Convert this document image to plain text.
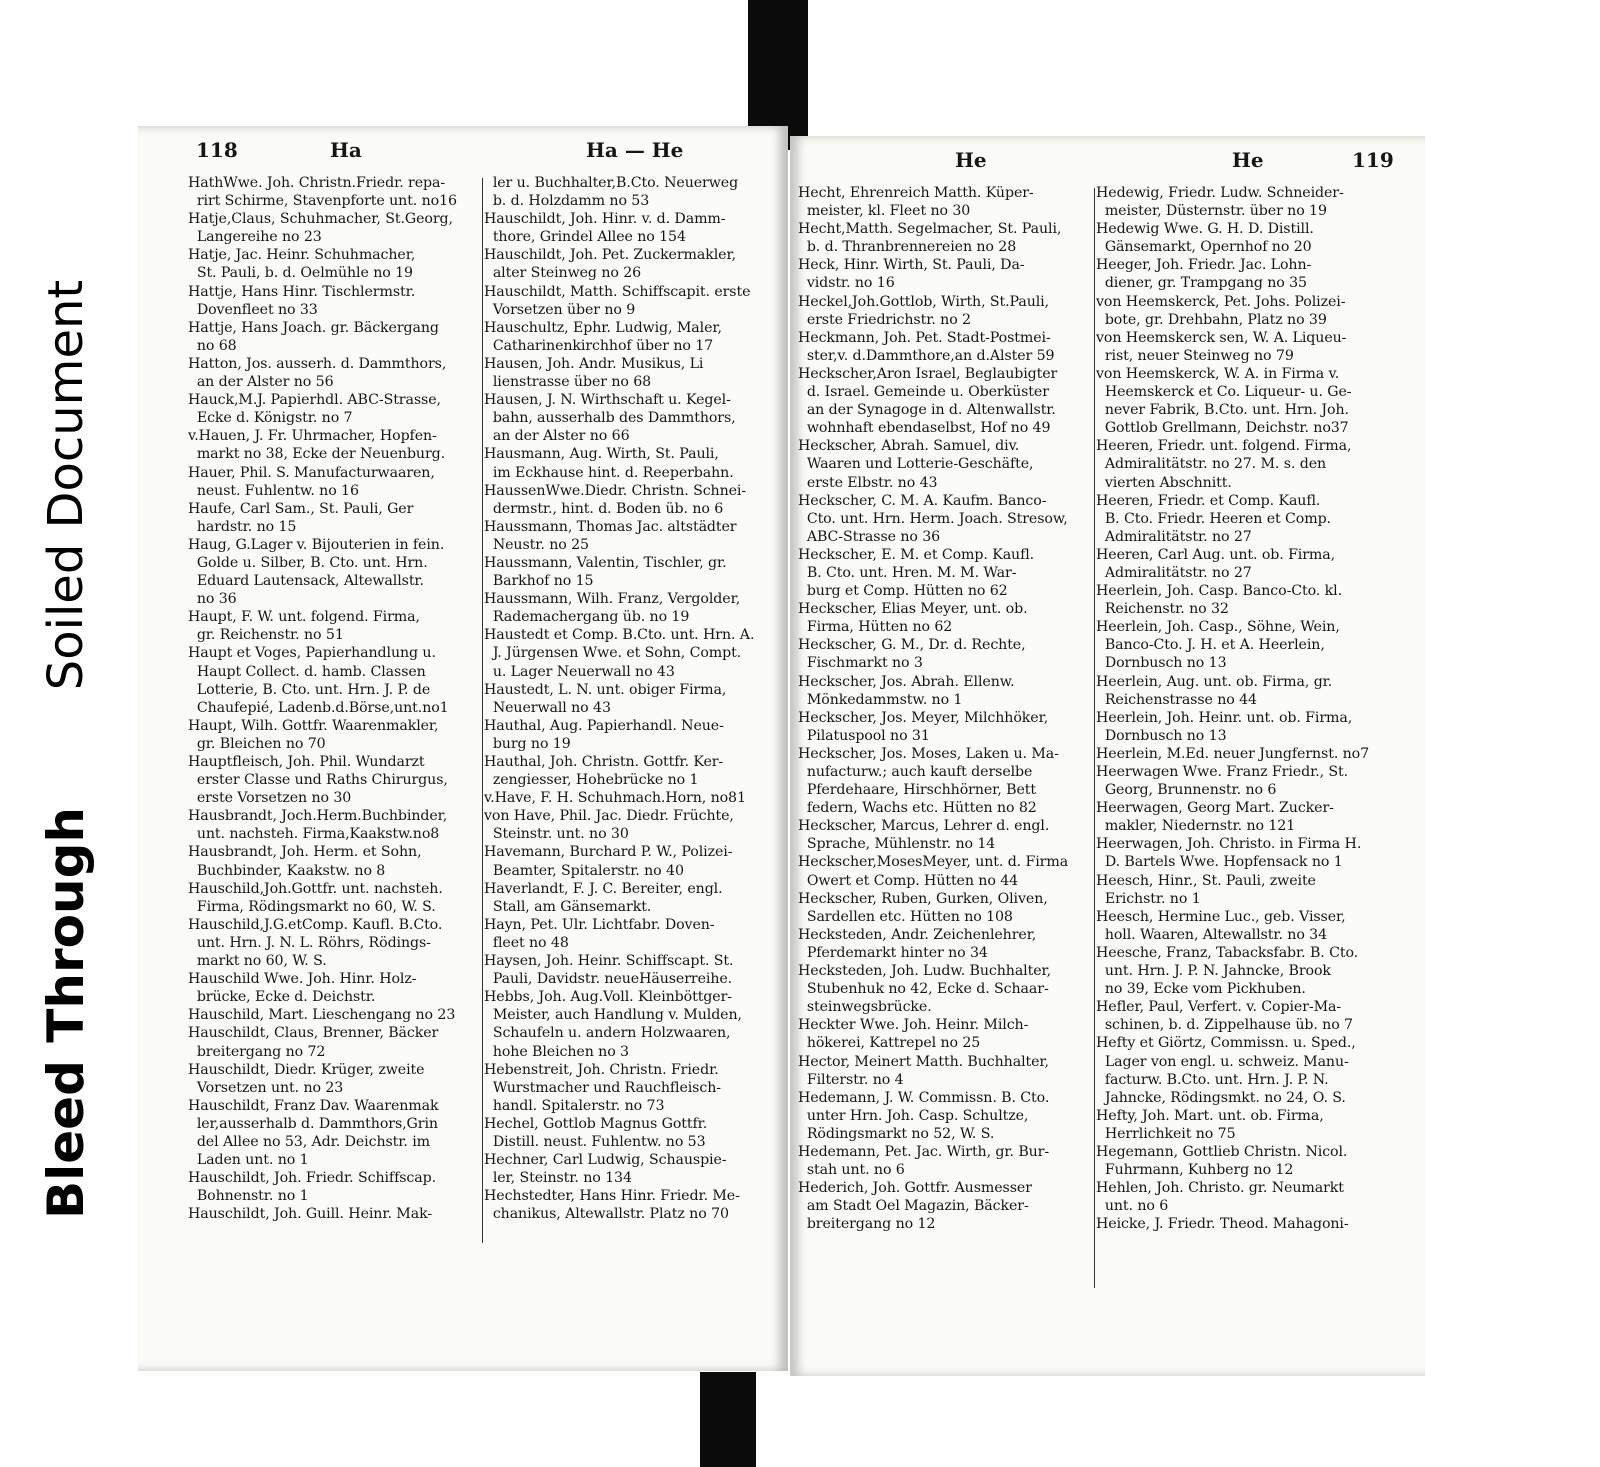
Soiled Document
Bleed Through
118	Ha	Ha — He
HathWwe. Joh. Christn.Friedr. repa-
rirt Schirme, Stavenpforte unt. no16
Hatje,Claus, Schuhmacher, St.Georg,
Langereihe no 23
Hatje, Jac. Heinr. Schuhmacher,
St. Pauli, b. d. Oelmühle no 19
Hattje, Hans Hinr. Tischlermstr.
Dovenfleet no 33
Hattje, Hans Joach. gr. Bäckergang
no 68
Hatton, Jos. ausserh. d. Dammthors,
an der Alster no 56
Hauck,M.J. Papierhdl. ABC-Strasse,
Ecke d. Königstr. no 7
v.Hauen, J. Fr. Uhrmacher, Hopfen-
markt no 38, Ecke der Neuenburg.
Hauer, Phil. S. Manufacturwaaren,
neust. Fuhlentw. no 16
Haufe, Carl Sam., St. Pauli, Ger
hardstr. no 15
Haug, G.Lager v. Bijouterien in fein.
Golde u. Silber, B. Cto. unt. Hrn.
Eduard Lautensack, Altewallstr.
no 36
Haupt, F. W. unt. folgend. Firma,
gr. Reichenstr. no 51
Haupt et Voges, Papierhandlung u.
Haupt Collect. d. hamb. Classen
Lotterie, B. Cto. unt. Hrn. J. P. de
Chaufepié, Ladenb.d.Börse,unt.no1
Haupt, Wilh. Gottfr. Waarenmakler,
gr. Bleichen no 70
Hauptfleisch, Joh. Phil. Wundarzt
erster Classe und Raths Chirurgus,
erste Vorsetzen no 30
Hausbrandt, Joch.Herm.Buchbinder,
unt. nachsteh. Firma,Kaakstw.no8
Hausbrandt, Joh. Herm. et Sohn,
Buchbinder, Kaakstw. no 8
Hauschild,Joh.Gottfr. unt. nachsteh.
Firma, Rödingsmarkt no 60, W. S.
Hauschild,J.G.etComp. Kaufl. B.Cto.
unt. Hrn. J. N. L. Röhrs, Rödings-
markt no 60, W. S.
Hauschild Wwe. Joh. Hinr. Holz-
brücke, Ecke d. Deichstr.
Hauschild, Mart. Lieschengang no 23
Hauschildt, Claus, Brenner, Bäcker
breitergang no 72
Hauschildt, Diedr. Krüger, zweite
Vorsetzen unt. no 23
Hauschildt, Franz Dav. Waarenmak
ler,ausserhalb d. Dammthors,Grin
del Allee no 53, Adr. Deichstr. im
Laden unt. no 1
Hauschildt, Joh. Friedr. Schiffscap.
Bohnenstr. no 1
Hauschildt, Joh. Guill. Heinr. Mak-
ler u. Buchhalter,B.Cto. Neuerweg
b. d. Holzdamm no 53
Hauschildt, Joh. Hinr. v. d. Damm-
thore, Grindel Allee no 154
Hauschildt, Joh. Pet. Zuckermakler,
alter Steinweg no 26
Hauschildt, Matth. Schiffscapit. erste
Vorsetzen über no 9
Hauschultz, Ephr. Ludwig, Maler,
Catharinenkirchhof über no 17
Hausen, Joh. Andr. Musikus, Li
lienstrasse über no 68
Hausen, J. N. Wirthschaft u. Kegel-
bahn, ausserhalb des Dammthors,
an der Alster no 66
Hausmann, Aug. Wirth, St. Pauli,
im Eckhause hint. d. Reeperbahn.
HaussenWwe.Diedr. Christn. Schnei-
dermstr., hint. d. Boden üb. no 6
Haussmann, Thomas Jac. altstädter
Neustr. no 25
Haussmann, Valentin, Tischler, gr.
Barkhof no 15
Haussmann, Wilh. Franz, Vergolder,
Rademachergang üb. no 19
Haustedt et Comp. B.Cto. unt. Hrn. A.
J. Jürgensen Wwe. et Sohn, Compt.
u. Lager Neuerwall no 43
Haustedt, L. N. unt. obiger Firma,
Neuerwall no 43
Hauthal, Aug. Papierhandl. Neue-
burg no 19
Hauthal, Joh. Christn. Gottfr. Ker-
zengiesser, Hohebrücke no 1
v.Have, F. H. Schuhmach.Horn, no81
von Have, Phil. Jac. Diedr. Früchte,
Steinstr. unt. no 30
Havemann, Burchard P. W., Polizei-
Beamter, Spitalerstr. no 40
Haverlandt, F. J. C. Bereiter, engl.
Stall, am Gänsemarkt.
Hayn, Pet. Ulr. Lichtfabr. Doven-
fleet no 48
Haysen, Joh. Heinr. Schiffscapt. St.
Pauli, Davidstr. neueHäuserreihe.
Hebbs, Joh. Aug.Voll. Kleinböttger-
Meister, auch Handlung v. Mulden,
Schaufeln u. andern Holzwaaren,
hohe Bleichen no 3
Hebenstreit, Joh. Christn. Friedr.
Wurstmacher und Rauchfleisch-
handl. Spitalerstr. no 73
Hechel, Gottlob Magnus Gottfr.
Distill. neust. Fuhlentw. no 53
Hechner, Carl Ludwig, Schauspie-
ler, Steinstr. no 134
Hechstedter, Hans Hinr. Friedr. Me-
chanikus, Altewallstr. Platz no 70
He	He	119
Hecht, Ehrenreich Matth. Küper-
meister, kl. Fleet no 30
Hecht,Matth. Segelmacher, St. Pauli,
b. d. Thranbrennereien no 28
Heck, Hinr. Wirth, St. Pauli, Da-
vidstr. no 16
Heckel,Joh.Gottlob, Wirth, St.Pauli,
erste Friedrichstr. no 2
Heckmann, Joh. Pet. Stadt-Postmei-
ster,v. d.Dammthore,an d.Alster 59
Heckscher,Aron Israel, Beglaubigter
d. Israel. Gemeinde u. Oberküster
an der Synagoge in d. Altenwallstr.
wohnhaft ebendaselbst, Hof no 49
Heckscher, Abrah. Samuel, div.
Waaren und Lotterie-Geschäfte,
erste Elbstr. no 43
Heckscher, C. M. A. Kaufm. Banco-
Cto. unt. Hrn. Herm. Joach. Stresow,
ABC-Strasse no 36
Heckscher, E. M. et Comp. Kaufl.
B. Cto. unt. Hren. M. M. War-
burg et Comp. Hütten no 62
Heckscher, Elias Meyer, unt. ob.
Firma, Hütten no 62
Heckscher, G. M., Dr. d. Rechte,
Fischmarkt no 3
Heckscher, Jos. Abrah. Ellenw.
Mönkedammstw. no 1
Heckscher, Jos. Meyer, Milchhöker,
Pilatuspool no 31
Heckscher, Jos. Moses, Laken u. Ma-
nufacturw.; auch kauft derselbe
Pferdehaare, Hirschhörner, Bett
federn, Wachs etc. Hütten no 82
Heckscher, Marcus, Lehrer d. engl.
Sprache, Mühlenstr. no 14
Heckscher,MosesMeyer, unt. d. Firma
Owert et Comp. Hütten no 44
Heckscher, Ruben, Gurken, Oliven,
Sardellen etc. Hütten no 108
Hecksteden, Andr. Zeichenlehrer,
Pferdemarkt hinter no 34
Hecksteden, Joh. Ludw. Buchhalter,
Stubenhuk no 42, Ecke d. Schaar-
steinwegsbrücke.
Heckter Wwe. Joh. Heinr. Milch-
hökerei, Kattrepel no 25
Hector, Meinert Matth. Buchhalter,
Filterstr. no 4
Hedemann, J. W. Commissn. B. Cto.
unter Hrn. Joh. Casp. Schultze,
Rödingsmarkt no 52, W. S.
Hedemann, Pet. Jac. Wirth, gr. Bur-
stah unt. no 6
Hederich, Joh. Gottfr. Ausmesser
am Stadt Oel Magazin, Bäcker-
breitergang no 12
Hedewig, Friedr. Ludw. Schneider-
meister, Düsternstr. über no 19
Hedewig Wwe. G. H. D. Distill.
Gänsemarkt, Opernhof no 20
Heeger, Joh. Friedr. Jac. Lohn-
diener, gr. Trampgang no 35
von Heemskerck, Pet. Johs. Polizei-
bote, gr. Drehbahn, Platz no 39
von Heemskerck sen, W. A. Liqueu-
rist, neuer Steinweg no 79
von Heemskerck, W. A. in Firma v.
Heemskerck et Co. Liqueur- u. Ge-
never Fabrik, B.Cto. unt. Hrn. Joh.
Gottlob Grellmann, Deichstr. no37
Heeren, Friedr. unt. folgend. Firma,
Admiralitätstr. no 27. M. s. den
vierten Abschnitt.
Heeren, Friedr. et Comp. Kaufl.
B. Cto. Friedr. Heeren et Comp.
Admiralitätstr. no 27
Heeren, Carl Aug. unt. ob. Firma,
Admiralitätstr. no 27
Heerlein, Joh. Casp. Banco-Cto. kl.
Reichenstr. no 32
Heerlein, Joh. Casp., Söhne, Wein,
Banco-Cto. J. H. et A. Heerlein,
Dornbusch no 13
Heerlein, Aug. unt. ob. Firma, gr.
Reichenstrasse no 44
Heerlein, Joh. Heinr. unt. ob. Firma,
Dornbusch no 13
Heerlein, M.Ed. neuer Jungfernst. no7
Heerwagen Wwe. Franz Friedr., St.
Georg, Brunnenstr. no 6
Heerwagen, Georg Mart. Zucker-
makler, Niedernstr. no 121
Heerwagen, Joh. Christo. in Firma H.
D. Bartels Wwe. Hopfensack no 1
Heesch, Hinr., St. Pauli, zweite
Erichstr. no 1
Heesch, Hermine Luc., geb. Visser,
holl. Waaren, Altewallstr. no 34
Heesche, Franz, Tabacksfabr. B. Cto.
unt. Hrn. J. P. N. Jahncke, Brook
no 39, Ecke vom Pickhuben.
Hefler, Paul, Verfert. v. Copier-Ma-
schinen, b. d. Zippelhause üb. no 7
Hefty et Giörtz, Commissn. u. Sped.,
Lager von engl. u. schweiz. Manu-
facturw. B.Cto. unt. Hrn. J. P. N.
Jahncke, Rödingsmkt. no 24, O. S.
Hefty, Joh. Mart. unt. ob. Firma,
Herrlichkeit no 75
Hegemann, Gottlieb Christn. Nicol.
Fuhrmann, Kuhberg no 12
Hehlen, Joh. Christo. gr. Neumarkt
unt. no 6
Heicke, J. Friedr. Theod. Mahagoni-
